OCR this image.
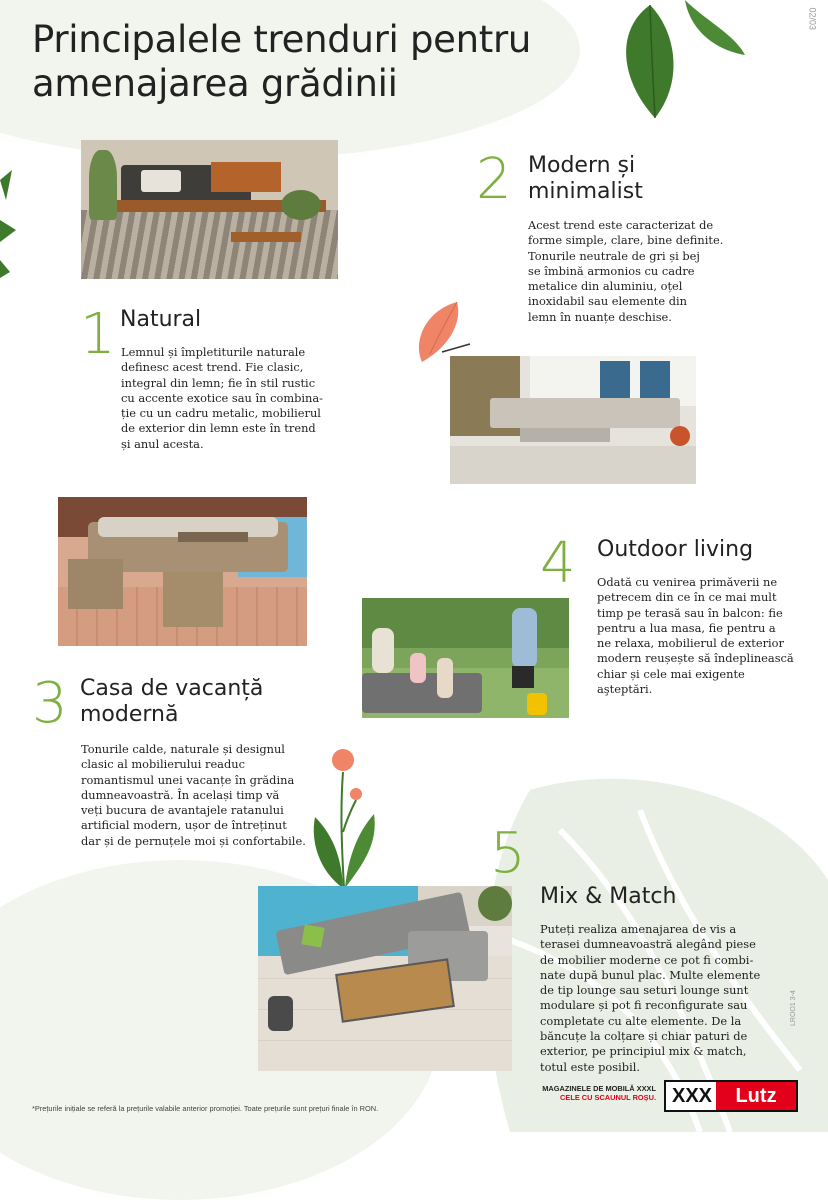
Principalele trenduri pentru amenajarea grădinii
02/03
1 Natural
Lemnul și împletiturile naturale
definesc acest trend. Fie clasic,
integral din lemn; fie în stil rustic
cu accente exotice sau în combina-
ție cu un cadru metalic, mobilierul
de exterior din lemn este în trend
și anul acesta.
2 Modern și
minimalist
Acest trend este caracterizat de
forme simple, clare, bine definite.
Tonurile neutrale de gri și bej
se îmbină armonios cu cadre
metalice din aluminiu, oțel
inoxidabil sau elemente din
lemn în nuanțe deschise.
3 Casa de vacanță
modernă
Tonurile calde, naturale și designul
clasic al mobilierului readuc
romantismul unei vacanțe în grădina
dumneavoastră. În același timp vă
veți bucura de avantajele ratanului
artificial modern, ușor de întreținut
dar și de pernuțele moi și confortabile.
4 Outdoor living
Odată cu venirea primăverii ne
petrecem din ce în ce mai mult
timp pe terasă sau în balcon: fie
pentru a lua masa, fie pentru a
ne relaxa, mobilierul de exterior
modern reușește să îndeplinească
chiar și cele mai exigente
aşteptări.
5
Mix & Match
Puteți realiza amenajarea de vis a
terasei dumneavoastră alegând piese
de mobilier moderne ce pot fi combi-
nate după bunul plac. Multe elemente
de tip lounge sau seturi lounge sunt
modulare și pot fi reconfigurate sau
completate cu alte elemente. De la
băncuțe la colțare și chiar paturi de
exterior, pe principiul mix & match,
totul este posibil.
*Prețurile inițiale se referă la prețurile valabile anterior promoției. Toate prețurile sunt prețuri finale în RON.
MAGAZINELE DE MOBILĂ XXXL
CELE CU SCAUNUL ROȘU. XXX	Lutz
LROO1 3-4
